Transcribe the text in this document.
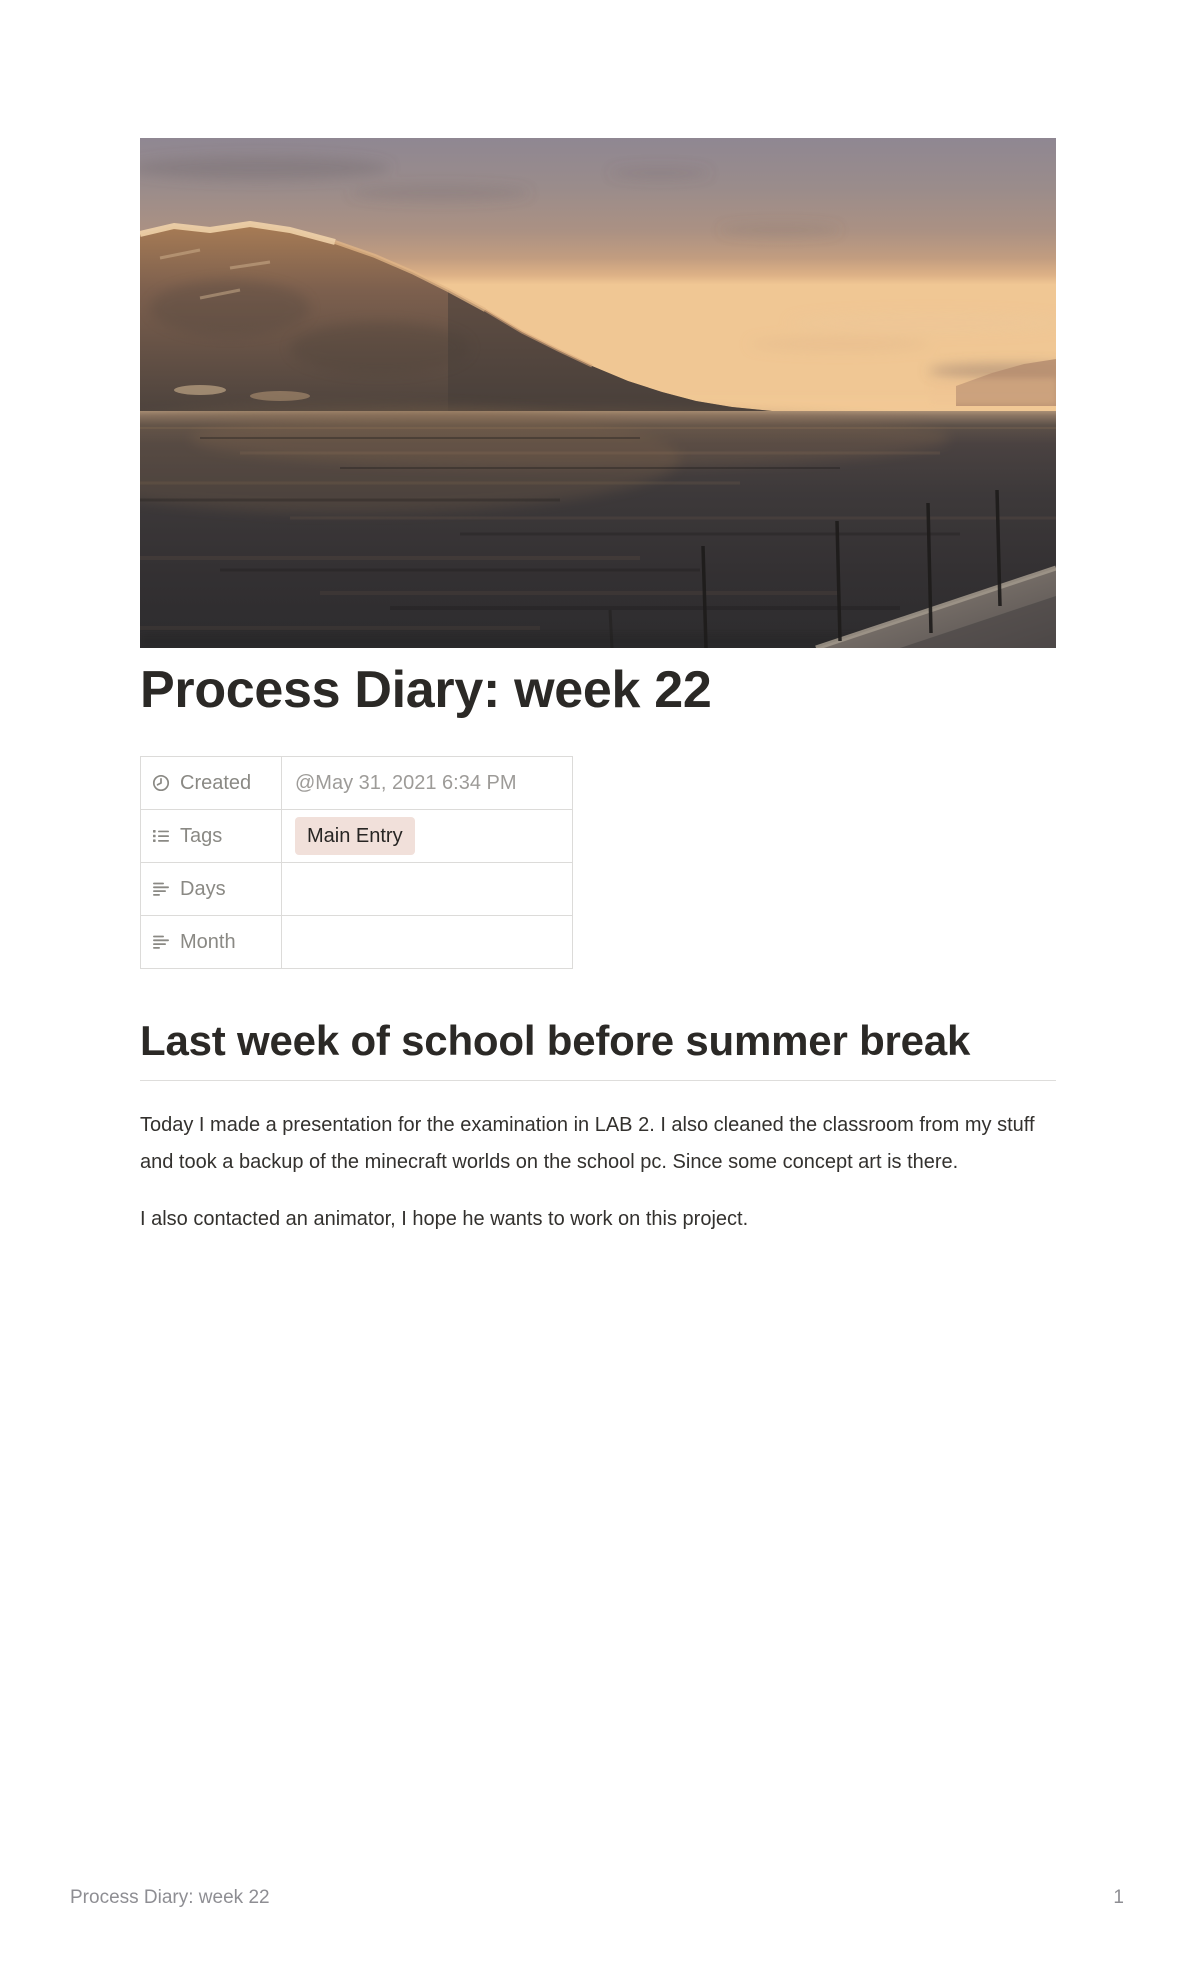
Process Diary: week 22
Created	@May 31, 2021 6:34 PM

Tags	Main Entry

Days	

Month	

Last week of school before summer break

Today I made a presentation for the examination in LAB 2. I also cleaned the classroom from my stuff and took a backup of the minecraft worlds on the school pc. Since some concept art is there.

I also contacted an animator, I hope he wants to work on this project.

Process Diary: week 22	1
